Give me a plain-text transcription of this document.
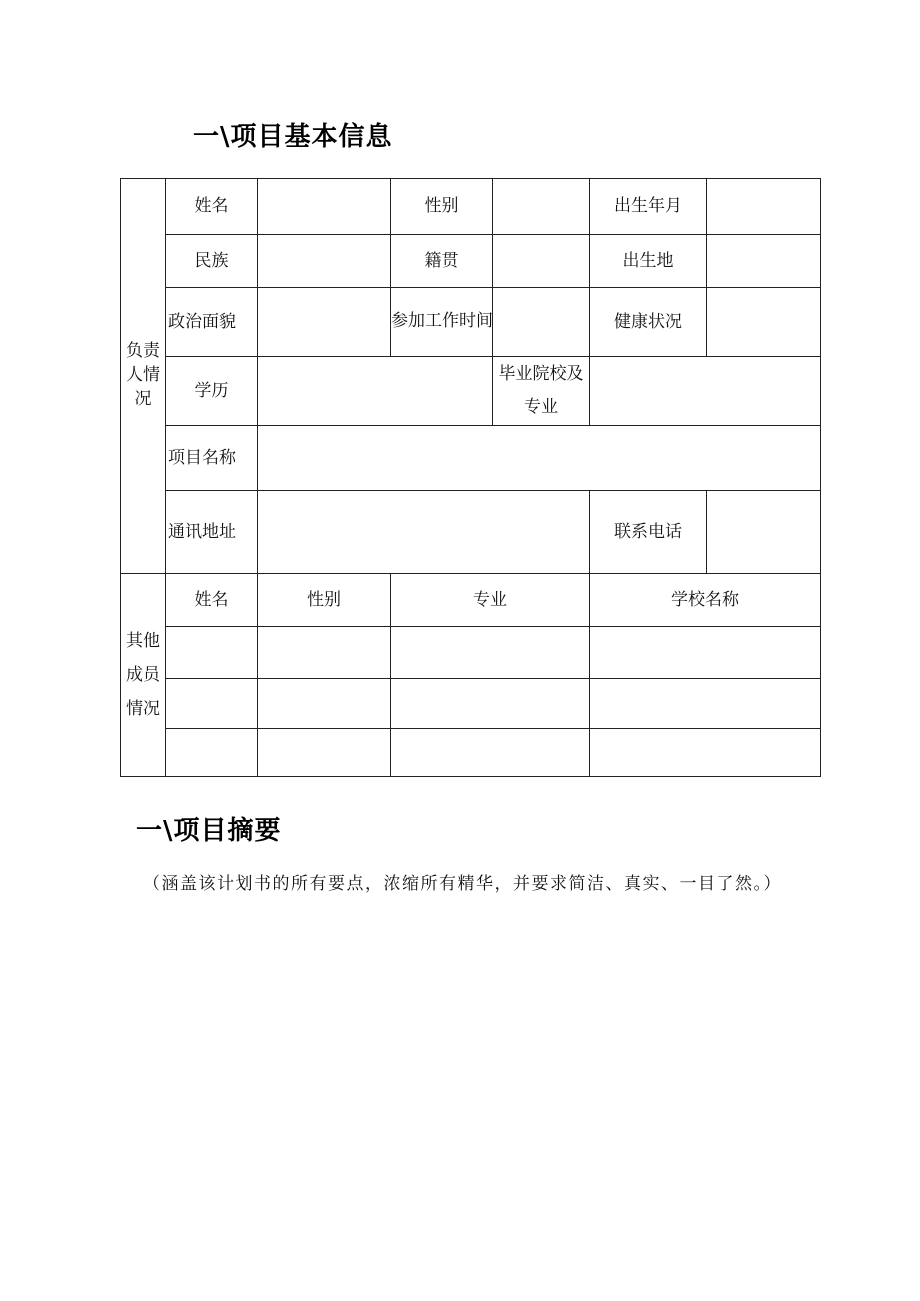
一\项目基本信息
负责人情况	姓名		性别		出生年月	
	民族		籍贯		出生地	
	政治面貌		参加工作时间		健康状况	
	学历			毕业院校及专业		

	项目名称					
	通讯地址				联系电话	

其他成员情况	姓名	性别	专业		学校名称	

一\项目摘要

（涵盖该计划书的所有要点，浓缩所有精华，并要求简洁、真实、一目了然。）
